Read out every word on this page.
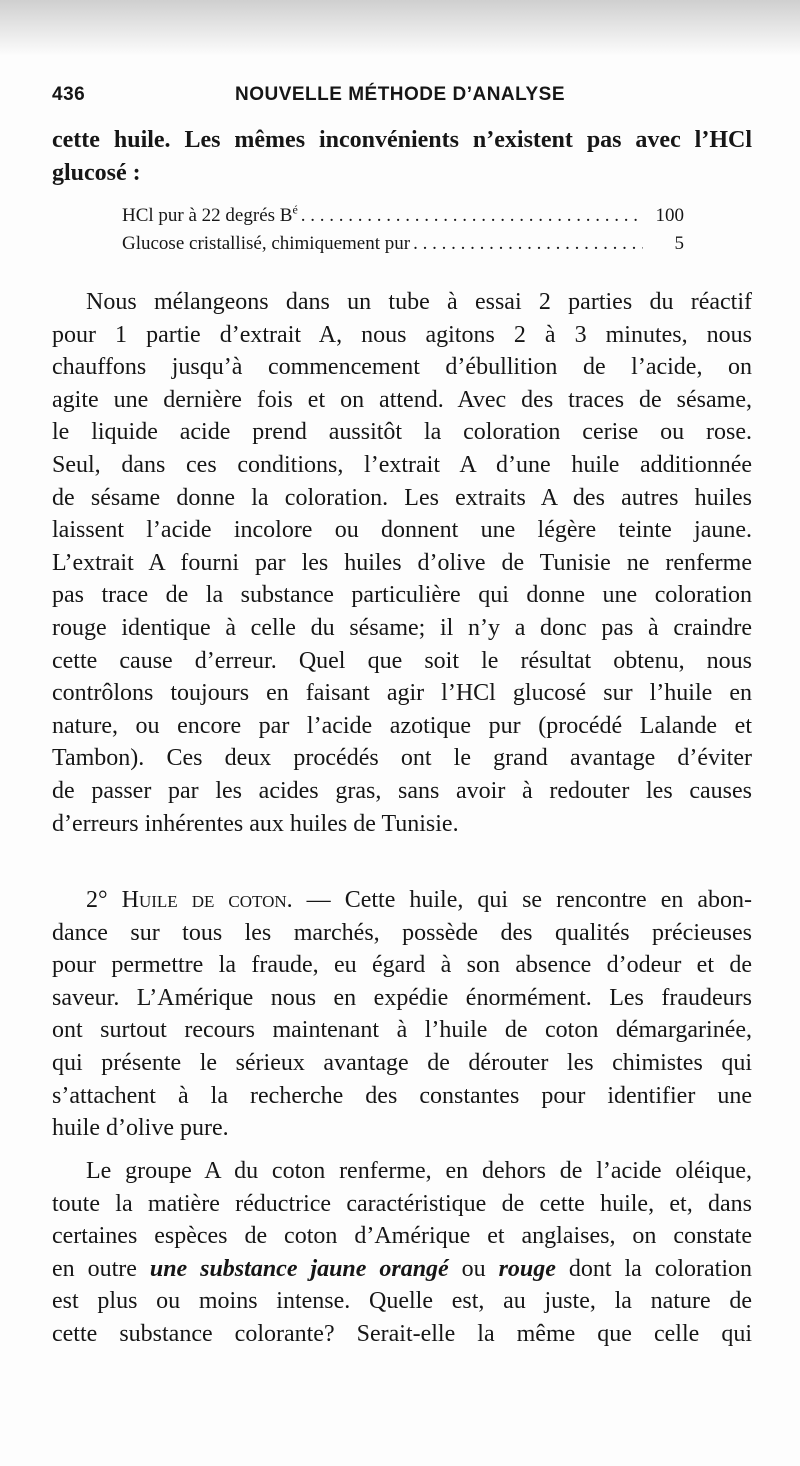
436	NOUVELLE MÉTHODE D’ANALYSE
cette huile. Les mêmes inconvénients n’existent pas avec l’HCl
glucosé :
HCl pur à 22 degrés $B^é$ . . .	100
Glucose cristallisé, chimiquement pur . . .	5
Nous mélangeons dans un tube à essai 2 parties du réactif
pour 1 partie d’extrait A, nous agitons 2 à 3 minutes, nous
chauffons jusqu’à commencement d’ébullition de l’acide, on
agite une dernière fois et on attend. Avec des traces de sésame,
le liquide acide prend aussitôt la coloration cerise ou rose.
Seul, dans ces conditions, l’extrait A d’une huile additionnée
de sésame donne la coloration. Les extraits A des autres huiles
laissent l’acide incolore ou donnent une légère teinte jaune.
L’extrait A fourni par les huiles d’olive de Tunisie ne renferme
pas trace de la substance particulière qui donne une coloration
rouge identique à celle du sésame; il n’y a donc pas à craindre
cette cause d’erreur. Quel que soit le résultat obtenu, nous
contrôlons toujours en faisant agir l’HCl glucosé sur l’huile en
nature, ou encore par l’acide azotique pur (procédé Lalande et
Tambon). Ces deux procédés ont le grand avantage d’éviter
de passer par les acides gras, sans avoir à redouter les causes
d’erreurs inhérentes aux huiles de Tunisie.
2° Huile de coton. — Cette huile, qui se rencontre en abon-
dance sur tous les marchés, possède des qualités précieuses
pour permettre la fraude, eu égard à son absence d’odeur et de
saveur. L’Amérique nous en expédie énormément. Les fraudeurs
ont surtout recours maintenant à l’huile de coton démargarinée,
qui présente le sérieux avantage de dérouter les chimistes qui
s’attachent à la recherche des constantes pour identifier une
huile d’olive pure.
Le groupe A du coton renferme, en dehors de l’acide oléique,
toute la matière réductrice caractéristique de cette huile, et, dans
certaines espèces de coton d’Amérique et anglaises, on constate
en outre une substance jaune orangé ou rouge dont la coloration
est plus ou moins intense. Quelle est, au juste, la nature de
cette substance colorante? Serait-elle la même que celle qui
